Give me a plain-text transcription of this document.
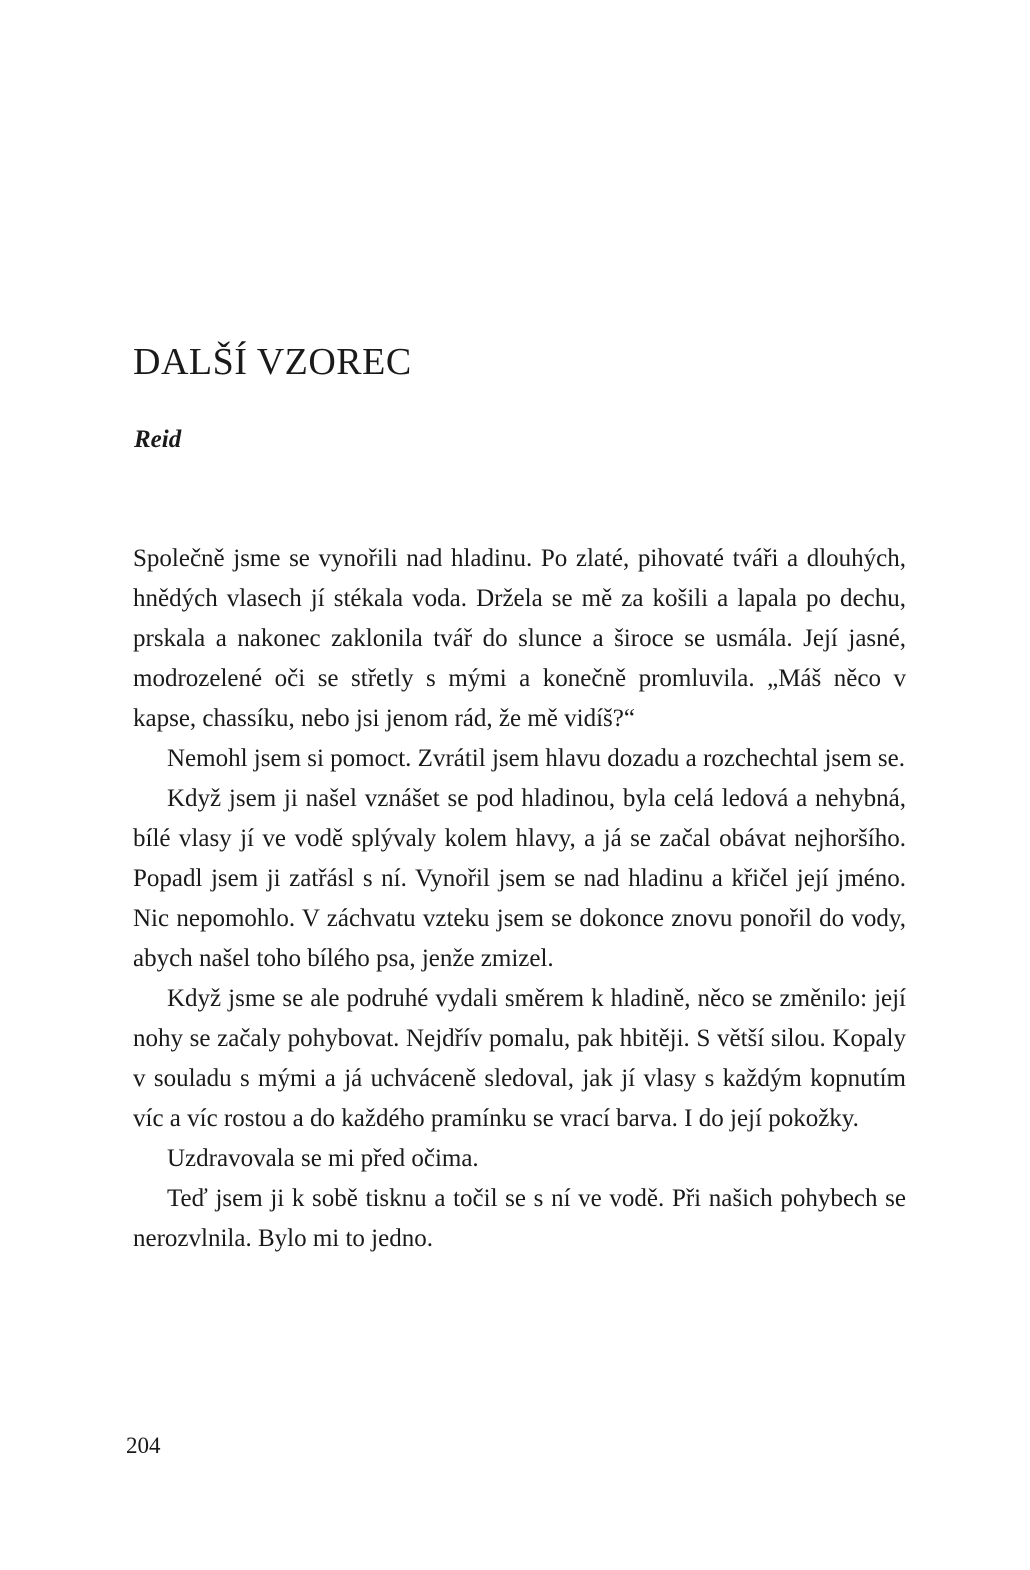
DALŠÍ VZOREC
Reid

Společně jsme se vynořili nad hladinu. Po zlaté, pihovaté tváři a dlouhých, hnědých vlasech jí stékala voda. Držela se mě za košili a lapala po dechu, prskala a nakonec zaklonila tvář do slunce a široce se usmála. Její jasné, modrozelené oči se střetly s mými a konečně promluvila. „Máš něco v kapse, chassíku, nebo jsi jenom rád, že mě vidíš?“

Nemohl jsem si pomoct. Zvrátil jsem hlavu dozadu a rozchechtal jsem se.

Když jsem ji našel vznášet se pod hladinou, byla celá ledová a nehybná, bílé vlasy jí ve vodě splývaly kolem hlavy, a já se začal obávat nejhoršího. Popadl jsem ji zatřásl s ní. Vynořil jsem se nad hladinu a křičel její jméno. Nic nepomohlo. V záchvatu vzteku jsem se dokonce znovu ponořil do vody, abych našel toho bílého psa, jenže zmizel.

Když jsme se ale podruhé vydali směrem k hladině, něco se změnilo: její nohy se začaly pohybovat. Nejdřív pomalu, pak hbitěji. S větší silou. Kopaly v souladu s mými a já uchváceně sledoval, jak jí vlasy s každým kopnutím víc a víc rostou a do každého pramínku se vrací barva. I do její pokožky.

Uzdravovala se mi před očima.

Teď jsem ji k sobě tisknu a točil se s ní ve vodě. Při našich pohybech se nerozvlnila. Bylo mi to jedno.

204
